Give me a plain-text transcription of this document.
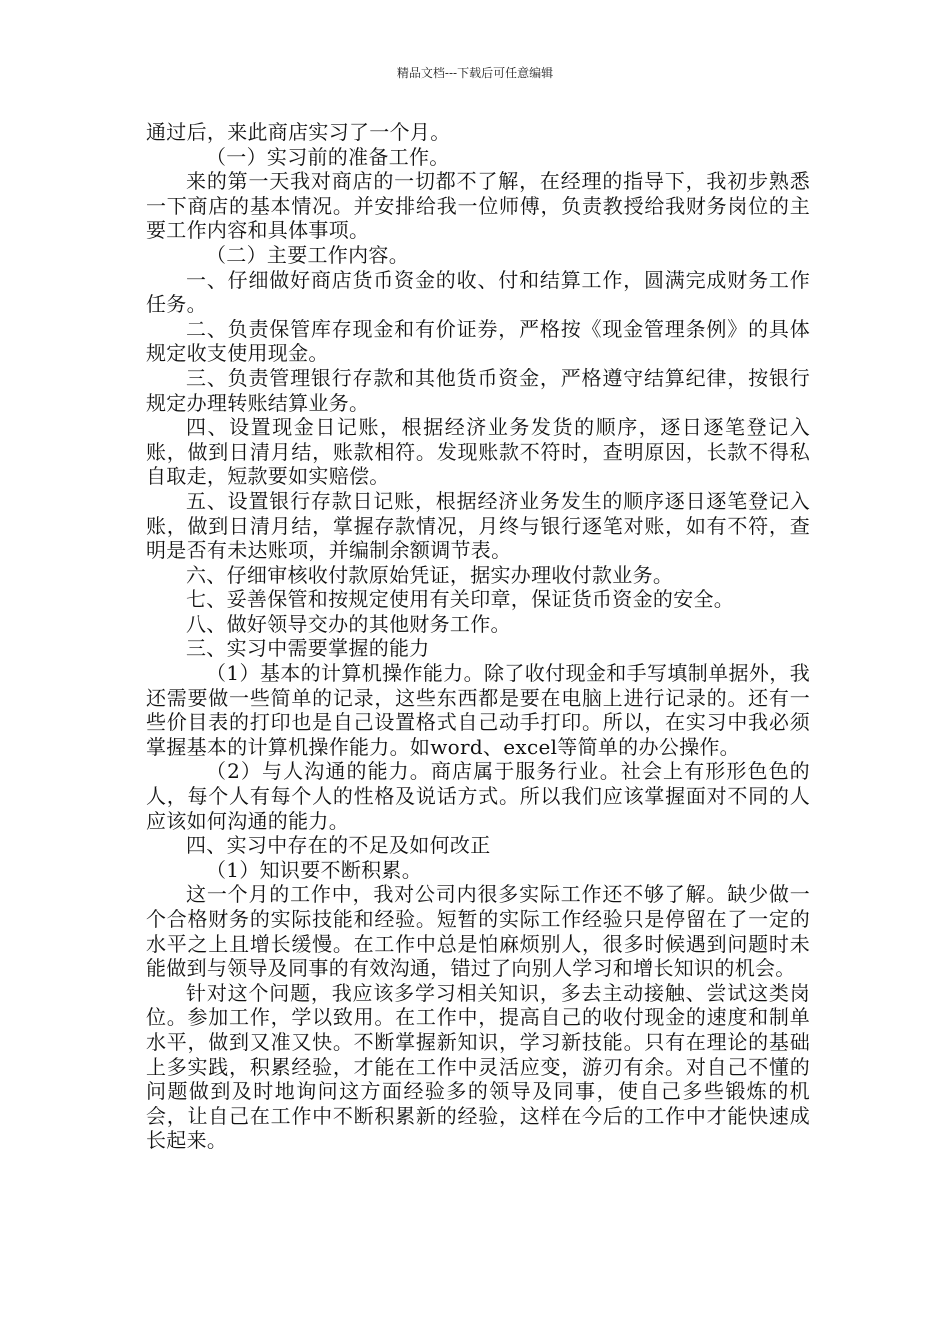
精品文档---下载后可任意编辑

通过后，来此商店实习了一个月。

（一）实习前的准备工作。

来的第一天我对商店的一切都不了解，在经理的指导下，我初步熟悉一下商店的基本情况。并安排给我一位师傅，负责教授给我财务岗位的主要工作内容和具体事项。

（二）主要工作内容。

一、仔细做好商店货币资金的收、付和结算工作，圆满完成财务工作任务。

二、负责保管库存现金和有价证券，严格按《现金管理条例》的具体规定收支使用现金。

三、负责管理银行存款和其他货币资金，严格遵守结算纪律，按银行规定办理转账结算业务。

四、设置现金日记账，根据经济业务发货的顺序，逐日逐笔登记入账，做到日清月结，账款相符。发现账款不符时，查明原因，长款不得私自取走，短款要如实赔偿。

五、设置银行存款日记账，根据经济业务发生的顺序逐日逐笔登记入账，做到日清月结，掌握存款情况，月终与银行逐笔对账，如有不符，查明是否有未达账项，并编制余额调节表。

六、仔细审核收付款原始凭证，据实办理收付款业务。

七、妥善保管和按规定使用有关印章，保证货币资金的安全。

八、做好领导交办的其他财务工作。

三、实习中需要掌握的能力

（1）基本的计算机操作能力。除了收付现金和手写填制单据外，我还需要做一些简单的记录，这些东西都是要在电脑上进行记录的。还有一些价目表的打印也是自己设置格式自己动手打印。所以，在实习中我必须掌握基本的计算机操作能力。如word、excel等简单的办公操作。

（2）与人沟通的能力。商店属于服务行业。社会上有形形色色的人，每个人有每个人的性格及说话方式。所以我们应该掌握面对不同的人应该如何沟通的能力。

四、实习中存在的不足及如何改正

（1）知识要不断积累。

这一个月的工作中，我对公司内很多实际工作还不够了解。缺少做一个合格财务的实际技能和经验。短暂的实际工作经验只是停留在了一定的水平之上且增长缓慢。在工作中总是怕麻烦别人，很多时候遇到问题时未能做到与领导及同事的有效沟通，错过了向别人学习和增长知识的机会。

针对这个问题，我应该多学习相关知识，多去主动接触、尝试这类岗位。参加工作，学以致用。在工作中，提高自己的收付现金的速度和制单水平，做到又准又快。不断掌握新知识，学习新技能。只有在理论的基础上多实践，积累经验，才能在工作中灵活应变，游刃有余。对自己不懂的问题做到及时地询问这方面经验多的领导及同事，使自己多些锻炼的机会，让自己在工作中不断积累新的经验，这样在今后的工作中才能快速成长起来。
